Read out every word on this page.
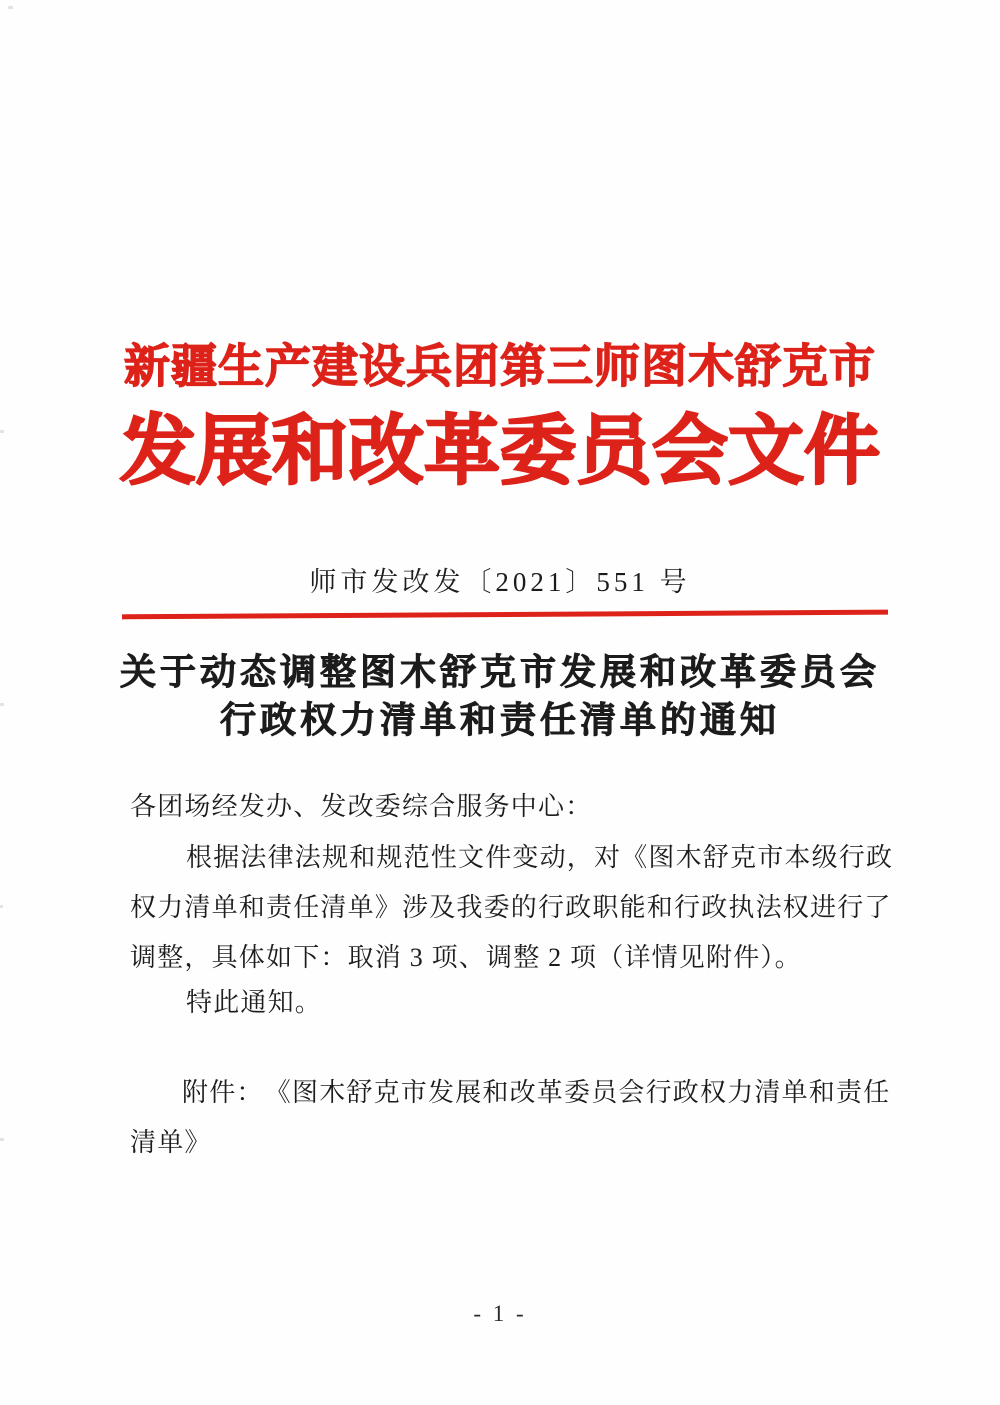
新疆生产建设兵团第三师图木舒克市
发展和改革委员会文件
师市发改发〔2021〕551 号
关于动态调整图木舒克市发展和改革委员会
行政权力清单和责任清单的通知
各团场经发办、发改委综合服务中心：
根据法律法规和规范性文件变动，对《图木舒克市本级行政
权力清单和责任清单》涉及我委的行政职能和行政执法权进行了
调整，具体如下：取消 3 项、调整 2 项（详情见附件）。
特此通知。
附件：　《图木舒克市发展和改革委员会行政权力清单和责任
清单》
- 1 -
